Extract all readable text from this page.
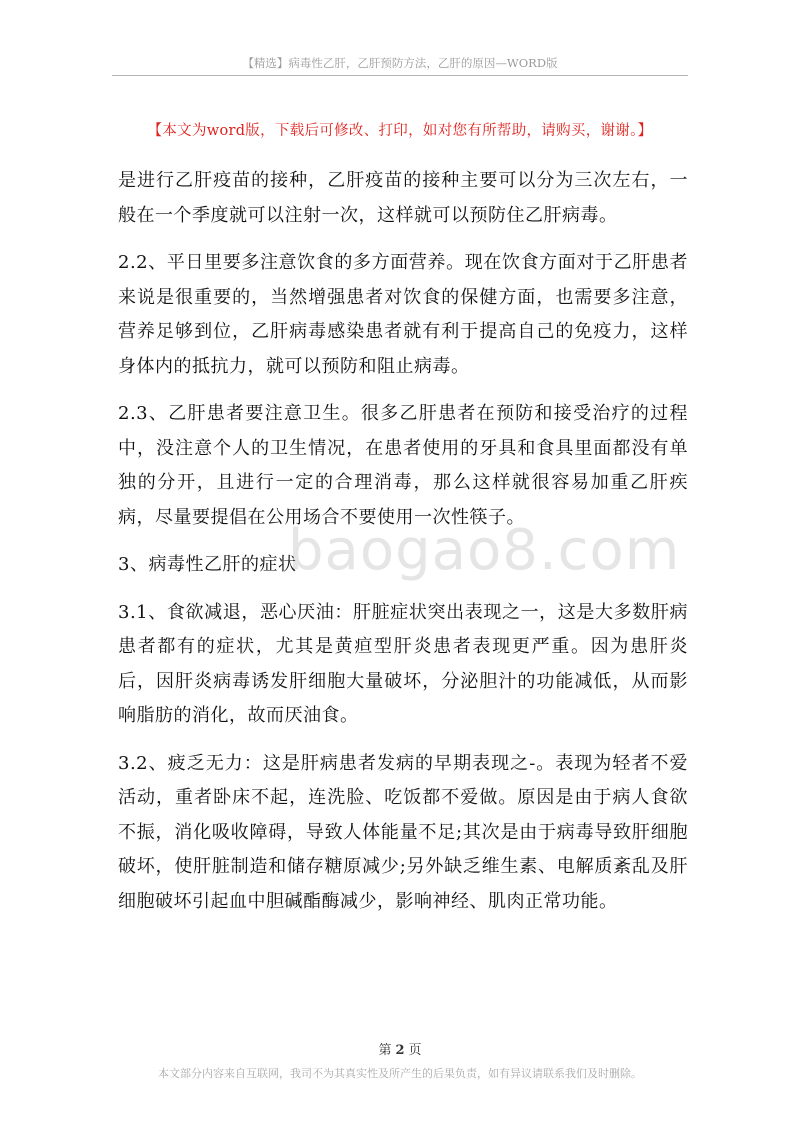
【精选】病毒性乙肝，乙肝预防方法，乙肝的原因—WORD版
【本文为word版，下载后可修改、打印，如对您有所帮助，请购买，谢谢。】

是进行乙肝疫苗的接种，乙肝疫苗的接种主要可以分为三次左右，一般在一个季度就可以注射一次，这样就可以预防住乙肝病毒。

2.2、平日里要多注意饮食的多方面营养。现在饮食方面对于乙肝患者来说是很重要的，当然增强患者对饮食的保健方面，也需要多注意，营养足够到位，乙肝病毒感染患者就有利于提高自己的免疫力，这样身体内的抵抗力，就可以预防和阻止病毒。

2.3、乙肝患者要注意卫生。很多乙肝患者在预防和接受治疗的过程中，没注意个人的卫生情况，在患者使用的牙具和食具里面都没有单独的分开，且进行一定的合理消毒，那么这样就很容易加重乙肝疾病，尽量要提倡在公用场合不要使用一次性筷子。

3、病毒性乙肝的症状

3.1、食欲减退，恶心厌油：肝脏症状突出表现之一，这是大多数肝病患者都有的症状，尤其是黄疸型肝炎患者表现更严重。因为患肝炎后，因肝炎病毒诱发肝细胞大量破坏，分泌胆汁的功能减低，从而影响脂肪的消化，故而厌油食。

3.2、疲乏无力：这是肝病患者发病的早期表现之-。表现为轻者不爱活动，重者卧床不起，连洗脸、吃饭都不爱做。原因是由于病人食欲不振，消化吸收障碍，导致人体能量不足;其次是由于病毒导致肝细胞破坏，使肝脏制造和储存糖原减少;另外缺乏维生素、电解质紊乱及肝细胞破坏引起血中胆碱酯酶减少，影响神经、肌肉正常功能。

baogao8.com
第 2 页
本文部分内容来自互联网，我司不为其真实性及所产生的后果负责，如有异议请联系我们及时删除。
